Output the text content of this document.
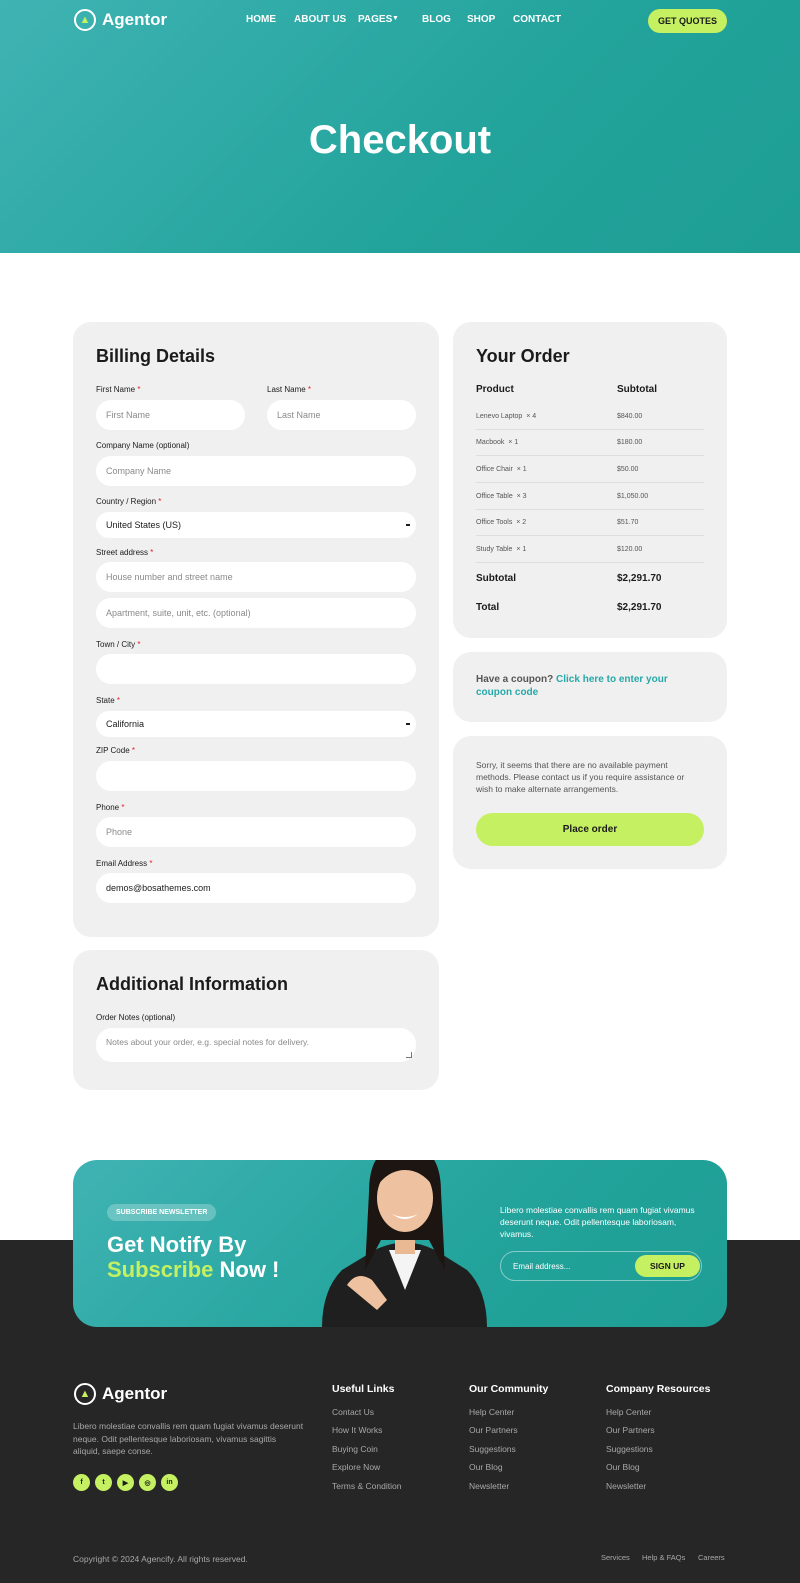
▲ Agentor	HOME ABOUT US PAGES ▼ BLOG SHOP CONTACT	GET QUOTES
Checkout
Billing Details
First Name *
First Name
Last Name *
Last Name
Company Name (optional)
Company Name
Country / Region *
United States (US)
Street address *
House number and street name
Apartment, suite, unit, etc. (optional)
Town / City *
State *
California
ZIP Code *
Phone *
Phone
Email Address *
demos@bosathemes.com
Additional Information
Order Notes (optional)
Notes about your order, e.g. special notes for delivery.
Your Order
Product	Subtotal
Lenevo Laptop × 4	$840.00
Macbook × 1	$180.00
Office Chair × 1	$50.00
Office Table × 3	$1,050.00
Office Tools × 2	$51.70
Study Table × 1	$120.00
Subtotal	$2,291.70
Total	$2,291.70
Have a coupon? Click here to enter your coupon code
Sorry, it seems that there are no available payment methods. Please contact us if you require assistance or wish to make alternate arrangements.
Place order
SUBSCRIBE NEWSLETTER
Get Notify By
Subscribe Now !
Libero molestiae convallis rem quam fugiat vivamus deserunt neque. Odit pellentesque laboriosam, vivamus.
Email address...	SIGN UP
▲ Agentor
Libero molestiae convallis rem quam fugiat vivamus deserunt neque. Odit pellentesque laboriosam, vivamus sagittis aliquid, saepe conse.
f	t	▶	◎	in
Useful Links
Contact Us
How It Works
Buying Coin
Explore Now
Terms & Condition
Our Community
Help Center
Our Partners
Suggestions
Our Blog
Newsletter
Company Resources
Help Center
Our Partners
Suggestions
Our Blog
Newsletter
Copyright © 2024 Agencify. All rights reserved.	Services Help & FAQs Careers
